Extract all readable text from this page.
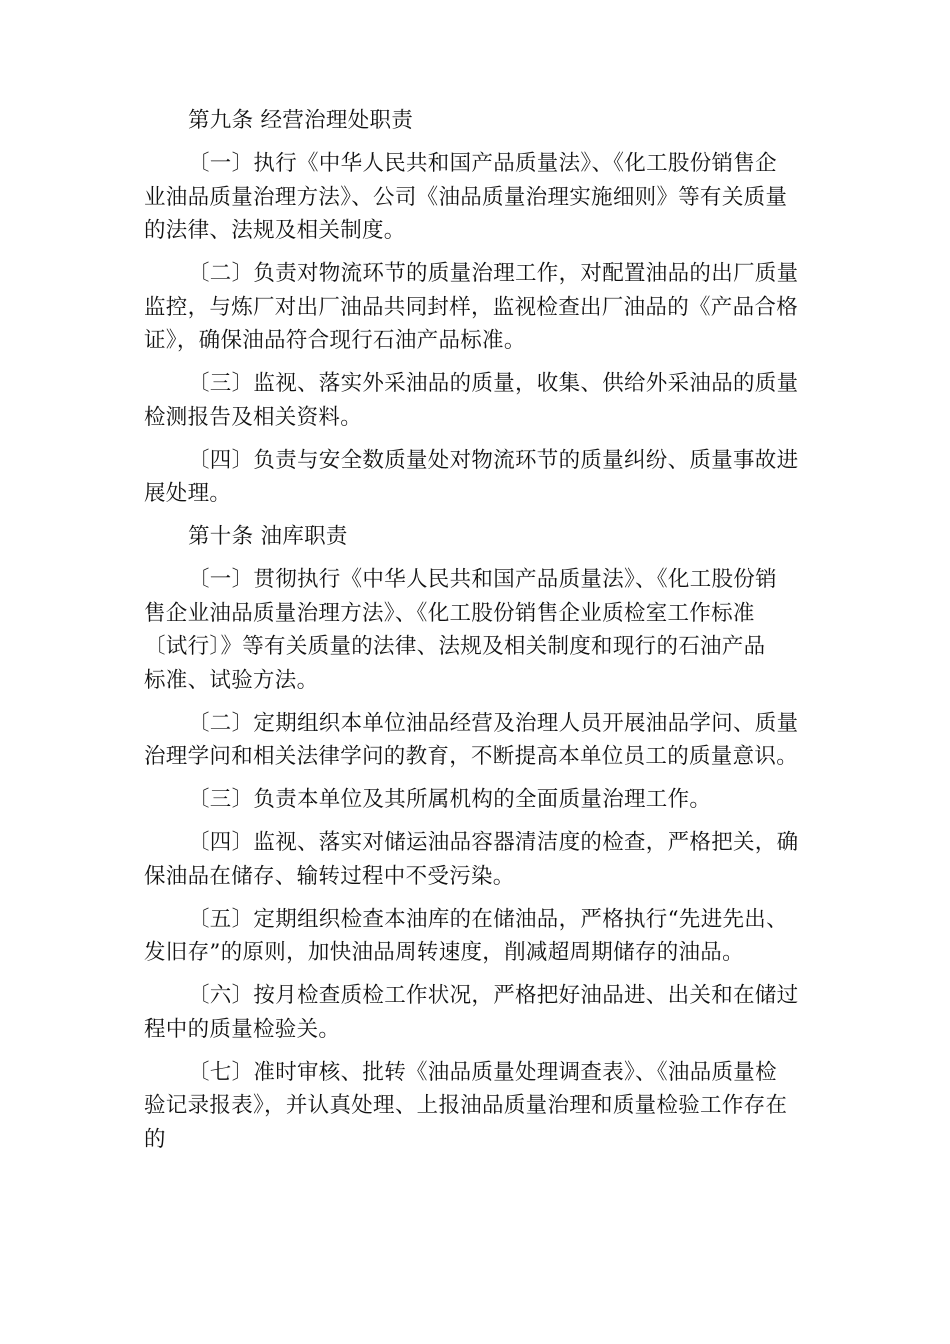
第九条 经营治理处职责

〔一〕执行《中华人民共和国产品质量法》、《化工股份销售企

业油品质量治理方法》、公司《油品质量治理实施细则》等有关质量

的法律、法规及相关制度。

〔二〕负责对物流环节的质量治理工作，对配置油品的出厂质量

监控，与炼厂对出厂油品共同封样，监视检查出厂油品的《产品合格

证》，确保油品符合现行石油产品标准。

〔三〕监视、落实外采油品的质量，收集、供给外采油品的质量

检测报告及相关资料。

〔四〕负责与安全数质量处对物流环节的质量纠纷、质量事故进

展处理。

第十条 油库职责

〔一〕贯彻执行《中华人民共和国产品质量法》、《化工股份销

售企业油品质量治理方法》、《化工股份销售企业质检室工作标准

〔试行〕》等有关质量的法律、法规及相关制度和现行的石油产品

标准、试验方法。

〔二〕定期组织本单位油品经营及治理人员开展油品学问、质量

治理学问和相关法律学问的教育，不断提高本单位员工的质量意识。

〔三〕负责本单位及其所属机构的全面质量治理工作。

〔四〕监视、落实对储运油品容器清洁度的检查，严格把关，确

保油品在储存、输转过程中不受污染。

〔五〕定期组织检查本油库的在储油品，严格执行“先进先出、

发旧存”的原则，加快油品周转速度，削减超周期储存的油品。

〔六〕按月检查质检工作状况，严格把好油品进、出关和在储过

程中的质量检验关。

〔七〕准时审核、批转《油品质量处理调查表》、《油品质量检

验记录报表》，并认真处理、上报油品质量治理和质量检验工作存在

的
